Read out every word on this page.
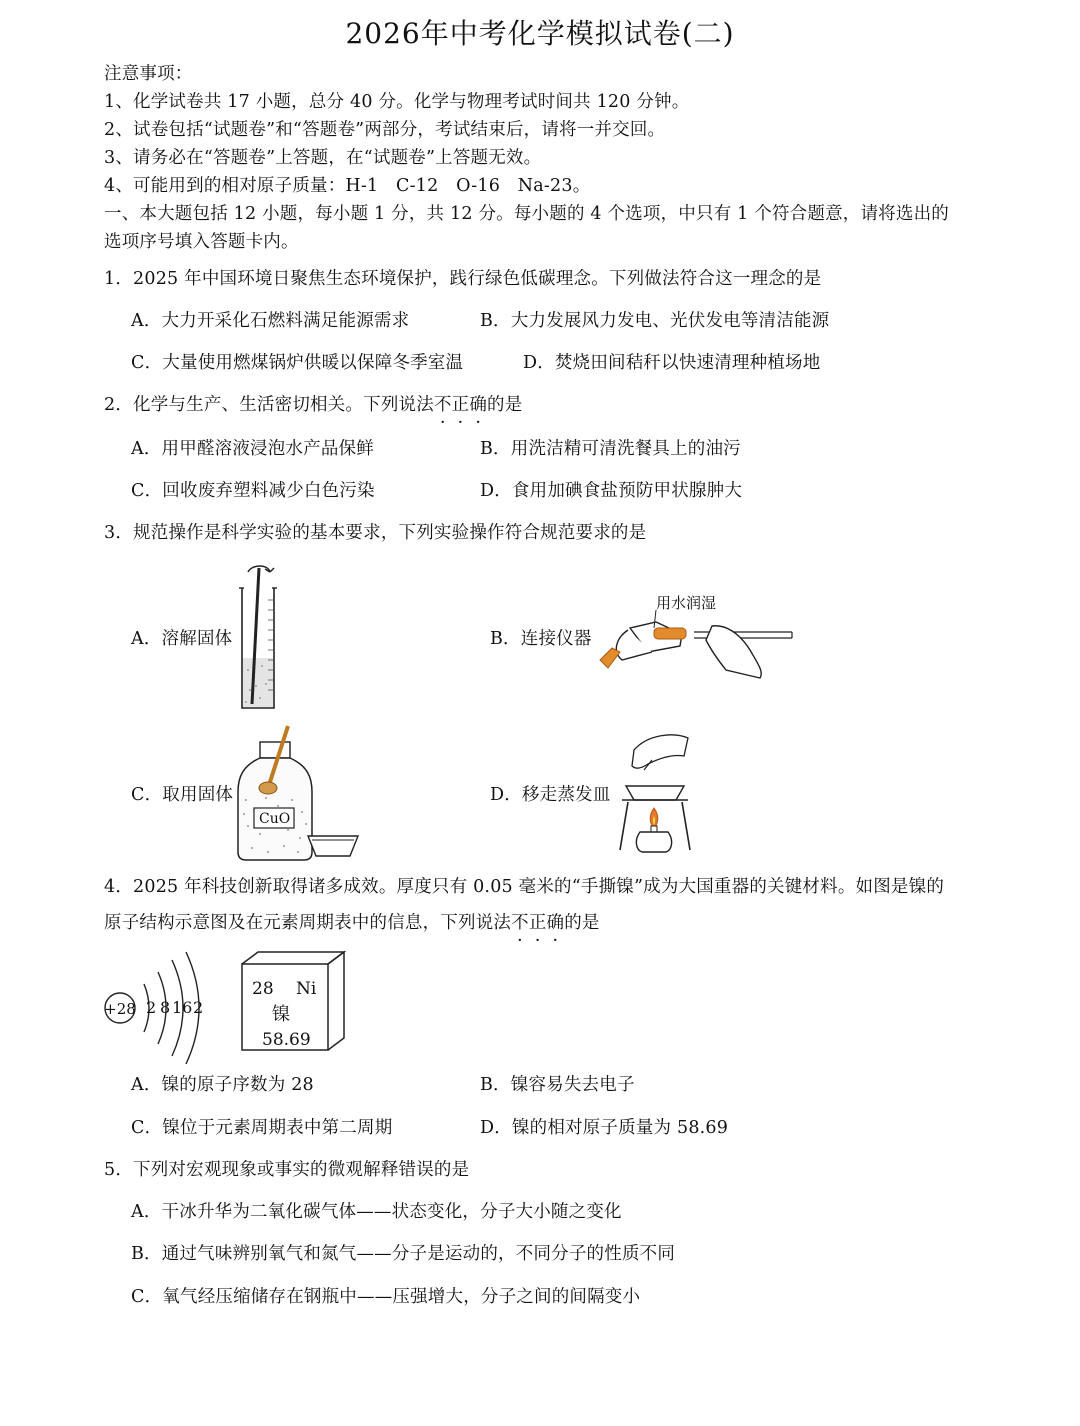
2026年中考化学模拟试卷(二)
注意事项：
1、化学试卷共 17 小题，总分 40 分。化学与物理考试时间共 120 分钟。
2、试卷包括“试题卷”和“答题卷”两部分，考试结束后，请将一并交回。
3、请务必在“答题卷”上答题，在“试题卷”上答题无效。
4、可能用到的相对原子质量：H-1　C-12　O-16　Na-23。
一、本大题包括 12 小题，每小题 1 分，共 12 分。每小题的 4 个选项，中只有 1 个符合题意，请将选出的
选项序号填入答题卡内。
1．2025 年中国环境日聚焦生态环境保护，践行绿色低碳理念。下列做法符合这一理念的是
A．大力开采化石燃料满足能源需求	B．大力发展风力发电、光伏发电等清洁能源
C．大量使用燃煤锅炉供暖以保障冬季室温	D．焚烧田间秸秆以快速清理种植场地
2．化学与生产、生活密切相关。下列说法不正确的是
A．用甲醛溶液浸泡水产品保鲜	B．用洗洁精可清洗餐具上的油污
C．回收废弃塑料减少白色污染	D．食用加碘食盐预防甲状腺肿大
3．规范操作是科学实验的基本要求，下列实验操作符合规范要求的是
A．溶解固体	B．连接仪器
C．取用固体	D．移走蒸发皿
用水润湿
CuO
4．2025 年科技创新取得诸多成效。厚度只有 0.05 毫米的“手撕镍”成为大国重器的关键材料。如图是镍的
原子结构示意图及在元素周期表中的信息，下列说法不正确的是
+28 2 8 16 2
28 Ni
镍
58.69
A．镍的原子序数为 28	B．镍容易失去电子
C．镍位于元素周期表中第二周期	D．镍的相对原子质量为 58.69
5．下列对宏观现象或事实的微观解释错误的是
A．干冰升华为二氧化碳气体——状态变化，分子大小随之变化
B．通过气味辨别氧气和氮气——分子是运动的，不同分子的性质不同
C．氧气经压缩储存在钢瓶中——压强增大，分子之间的间隔变小
